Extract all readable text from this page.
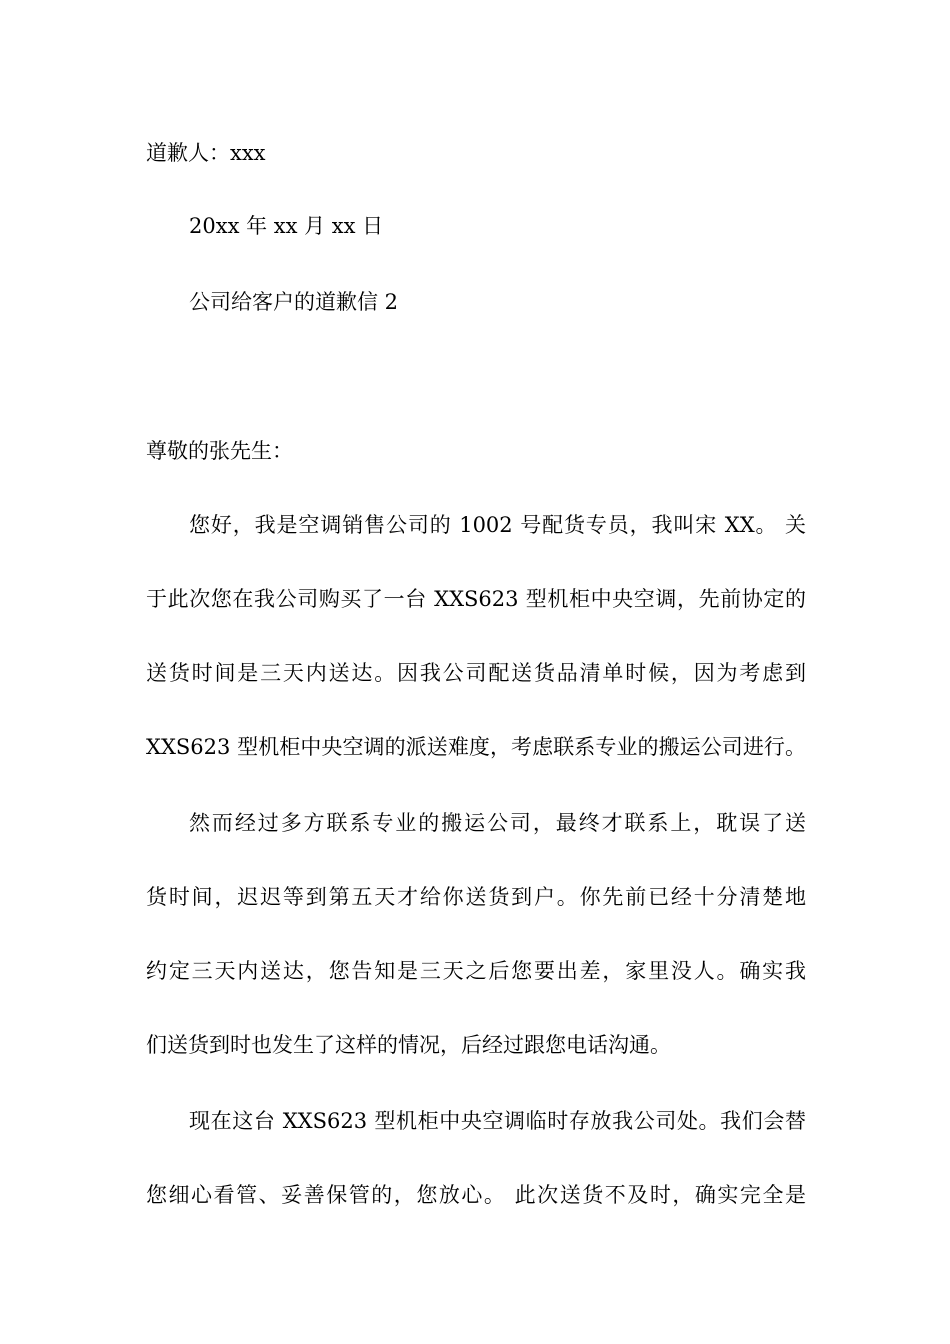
道歉人：xxx
20xx 年 xx 月 xx 日
公司给客户的道歉信 2
尊敬的张先生：
您好，我是空调销售公司的 1002 号配货专员，我叫宋 XX。 关
于此次您在我公司购买了一台 XXS623 型机柜中央空调，先前协定的
送货时间是三天内送达。因我公司配送货品清单时候，因为考虑到
XXS623 型机柜中央空调的派送难度，考虑联系专业的搬运公司进行。
然而经过多方联系专业的搬运公司，最终才联系上，耽误了送
货时间，迟迟等到第五天才给你送货到户。你先前已经十分清楚地
约定三天内送达，您告知是三天之后您要出差，家里没人。确实我
们送货到时也发生了这样的情况，后经过跟您电话沟通。
现在这台 XXS623 型机柜中央空调临时存放我公司处。我们会替
您细心看管、妥善保管的，您放心。 此次送货不及时，确实完全是
